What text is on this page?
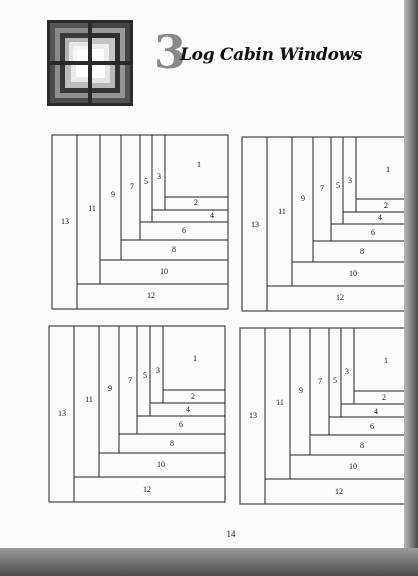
3
Log Cabin Windows
1
2
3
4
5
6
7
8
9
10
11
12
13
1
2
3
4
5
6
7
8
9
10
11
12
13
1
2
3
4
5
6
7
8
9
10
11
12
13
1
2
3
4
5
6
7
8
9
10
11
12
13
14
